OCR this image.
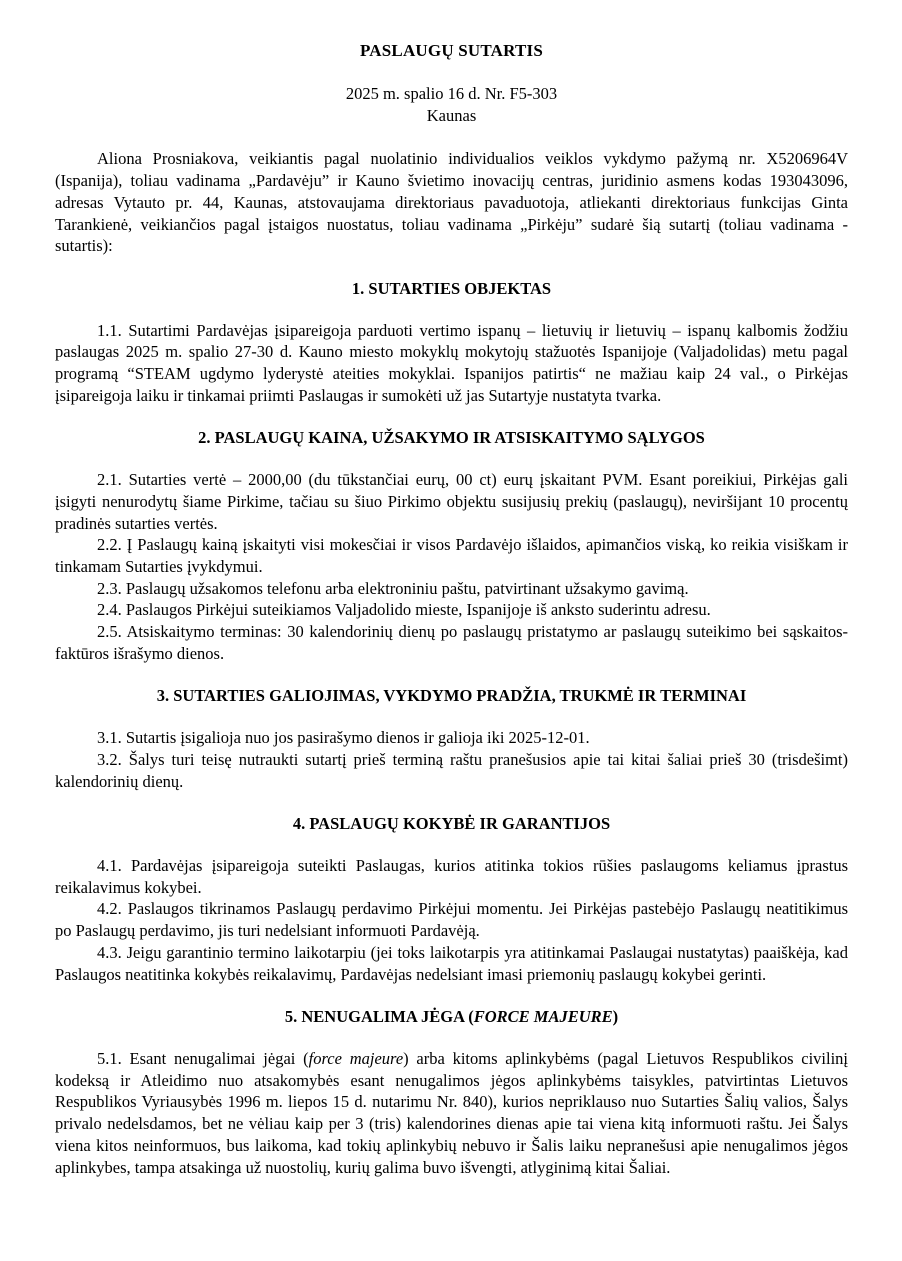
PASLAUGŲ SUTARTIS
2025 m. spalio 16 d. Nr. F5-303
Kaunas

Aliona Prosniakova, veikiantis pagal nuolatinio individualios veiklos vykdymo pažymą nr. X5206964V (Ispanija), toliau vadinama „Pardavėju” ir Kauno švietimo inovacijų centras, juridinio asmens kodas 193043096, adresas Vytauto pr. 44, Kaunas, atstovaujama direktoriaus pavaduotoja, atliekanti direktoriaus funkcijas Ginta Tarankienė, veikiančios pagal įstaigos nuostatus, toliau vadinama „Pirkėju” sudarė šią sutartį (toliau vadinama - sutartis):

1. SUTARTIES OBJEKTAS

1.1. Sutartimi Pardavėjas įsipareigoja parduoti vertimo ispanų – lietuvių ir lietuvių – ispanų kalbomis žodžiu paslaugas 2025 m. spalio 27-30 d. Kauno miesto mokyklų mokytojų stažuotės Ispanijoje (Valjadolidas) metu pagal programą “STEAM ugdymo lyderystė ateities mokyklai. Ispanijos patirtis“ ne mažiau kaip 24 val., o Pirkėjas įsipareigoja laiku ir tinkamai priimti Paslaugas ir sumokėti už jas Sutartyje nustatyta tvarka.

2. PASLAUGŲ KAINA, UŽSAKYMO IR ATSISKAITYMO SĄLYGOS

2.1. Sutarties vertė – 2000,00 (du tūkstančiai eurų, 00 ct) eurų įskaitant PVM. Esant poreikiui, Pirkėjas gali įsigyti nenurodytų šiame Pirkime, tačiau su šiuo Pirkimo objektu susijusių prekių (paslaugų), neviršijant 10 procentų pradinės sutarties vertės.

2.2. Į Paslaugų kainą įskaityti visi mokesčiai ir visos Pardavėjo išlaidos, apimančios viską, ko reikia visiškam ir tinkamam Sutarties įvykdymui.

2.3. Paslaugų užsakomos telefonu arba elektroniniu paštu, patvirtinant užsakymo gavimą.

2.4. Paslaugos Pirkėjui suteikiamos Valjadolido mieste, Ispanijoje iš anksto suderintu adresu.

2.5. Atsiskaitymo terminas: 30 kalendorinių dienų po paslaugų pristatymo ar paslaugų suteikimo bei sąskaitos-faktūros išrašymo dienos.

3. SUTARTIES GALIOJIMAS, VYKDYMO PRADŽIA, TRUKMĖ IR TERMINAI

3.1. Sutartis įsigalioja nuo jos pasirašymo dienos ir galioja iki 2025-12-01.

3.2. Šalys turi teisę nutraukti sutartį prieš terminą raštu pranešusios apie tai kitai šaliai prieš 30 (trisdešimt) kalendorinių dienų.

4. PASLAUGŲ KOKYBĖ IR GARANTIJOS

4.1. Pardavėjas įsipareigoja suteikti Paslaugas, kurios atitinka tokios rūšies paslaugoms keliamus įprastus reikalavimus kokybei.

4.2. Paslaugos tikrinamos Paslaugų perdavimo Pirkėjui momentu. Jei Pirkėjas pastebėjo Paslaugų neatitikimus po Paslaugų perdavimo, jis turi nedelsiant informuoti Pardavėją.

4.3. Jeigu garantinio termino laikotarpiu (jei toks laikotarpis yra atitinkamai Paslaugai nustatytas) paaiškėja, kad Paslaugos neatitinka kokybės reikalavimų, Pardavėjas nedelsiant imasi priemonių paslaugų kokybei gerinti.

5. NENUGALIMA JĖGA (FORCE MAJEURE)

5.1. Esant nenugalimai jėgai (force majeure) arba kitoms aplinkybėms (pagal Lietuvos Respublikos civilinį kodeksą ir Atleidimo nuo atsakomybės esant nenugalimos jėgos aplinkybėms taisykles, patvirtintas Lietuvos Respublikos Vyriausybės 1996 m. liepos 15 d. nutarimu Nr. 840), kurios nepriklauso nuo Sutarties Šalių valios, Šalys privalo nedelsdamos, bet ne vėliau kaip per 3 (tris) kalendorines dienas apie tai viena kitą informuoti raštu. Jei Šalys viena kitos neinformuos, bus laikoma, kad tokių aplinkybių nebuvo ir Šalis laiku nepranešusi apie nenugalimos jėgos aplinkybes, tampa atsakinga už nuostolių, kurių galima buvo išvengti, atlyginimą kitai Šaliai.
